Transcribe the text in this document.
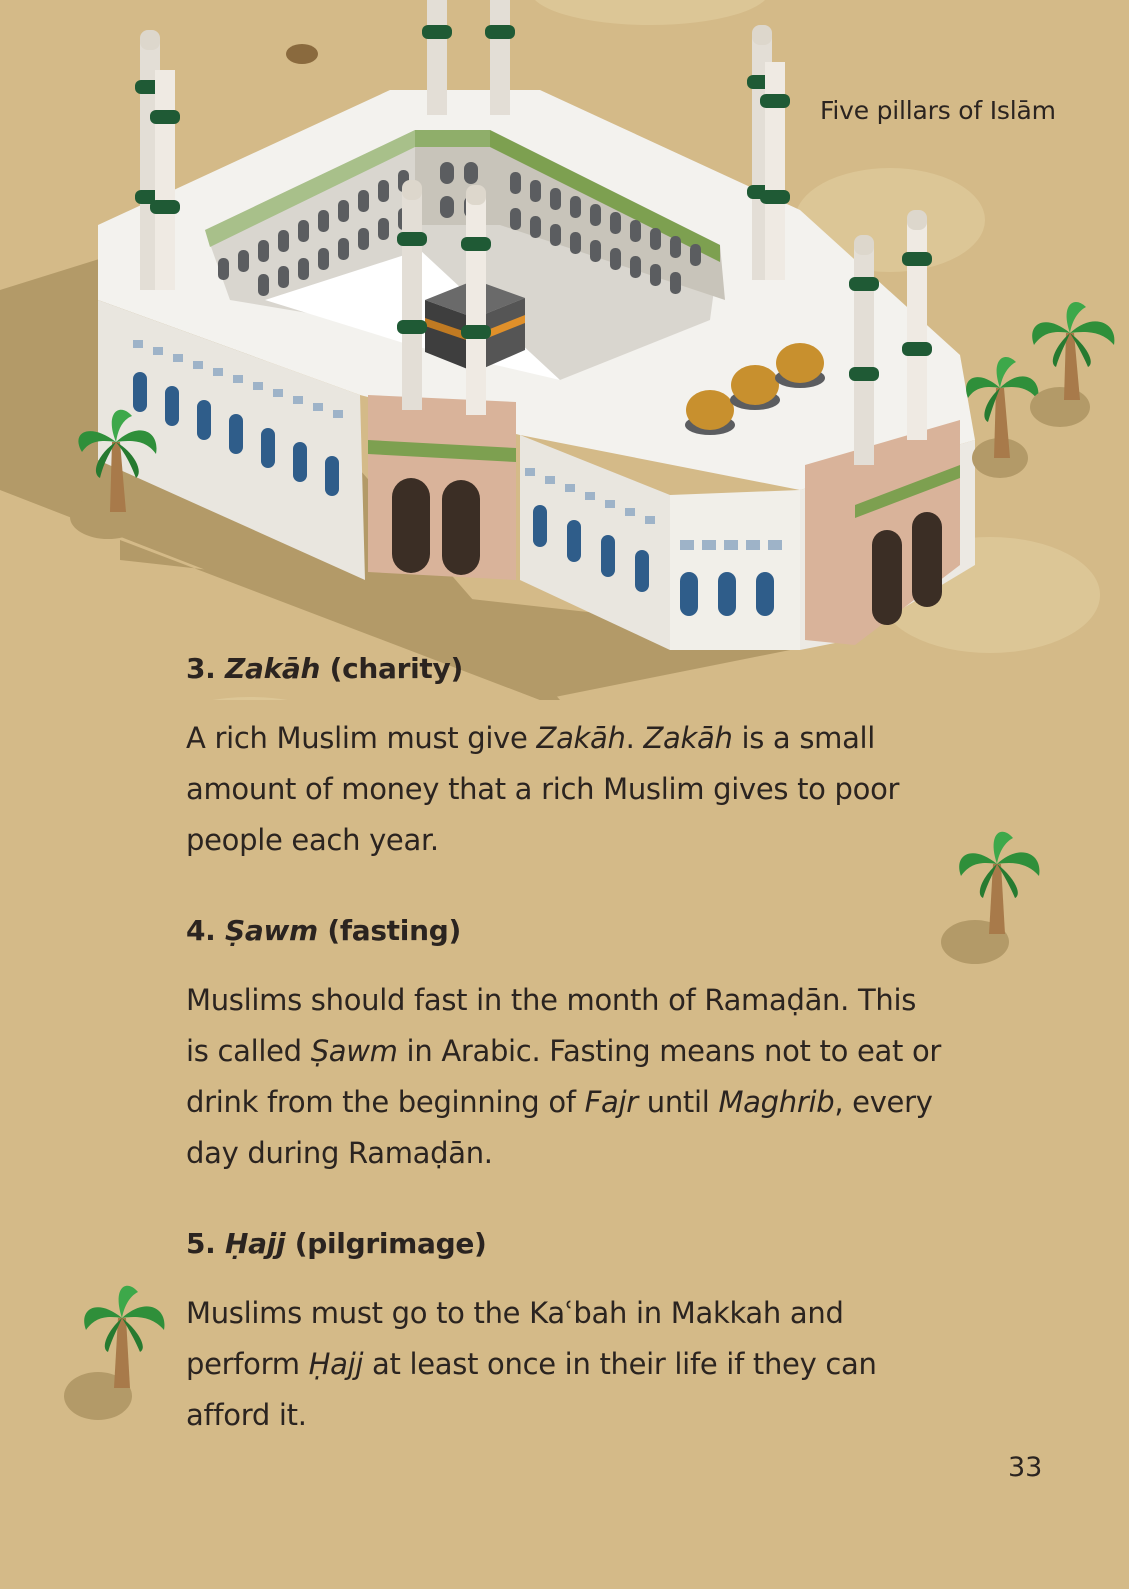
Five pillars of Islām
3. Zakāh (charity)

A rich Muslim must give Zakāh. Zakāh is a small amount of money that a rich Muslim gives to poor people each year.

4. Ṣawm (fasting)

Muslims should fast in the month of Ramaḍān. This is called Ṣawm in Arabic. Fasting means not to eat or drink from the beginning of Fajr until Maghrib, every day during Ramaḍān.

5. Ḥajj (pilgrimage)

Muslims must go to the Kaʿbah in Makkah and perform Ḥajj at least once in their life if they can afford it.

33
